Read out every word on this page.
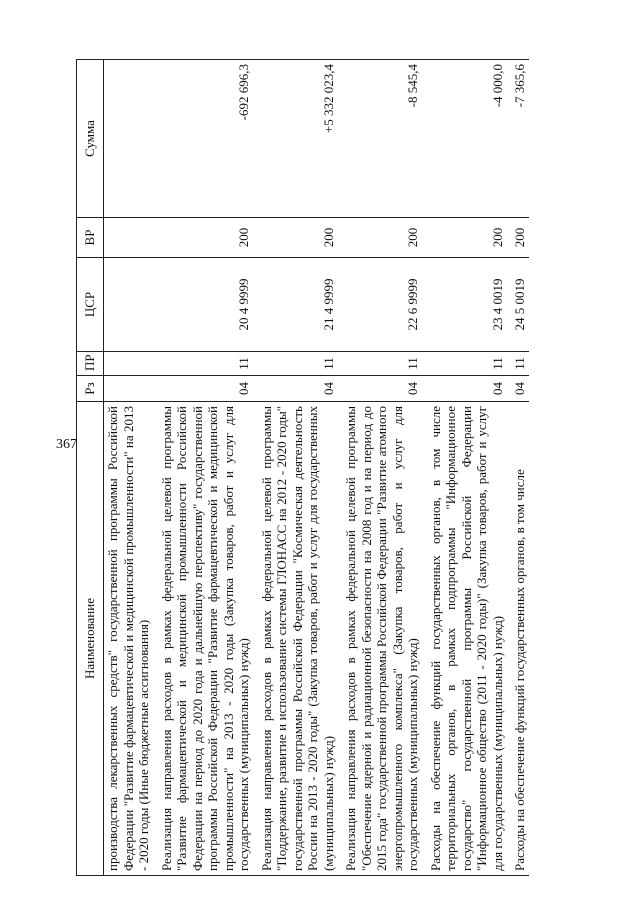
367
Наименование	Рз	ПР	ЦСР	ВР	Сумма
производства лекарственных средств" государственной программы Российской Федерации "Развитие фармацевтической и медицинской промышленности" на 2013 - 2020 годы (Иные бюджетные ассигнования)					
Реализация направления расходов в рамках федеральной целевой программы "Развитие фармацевтической и медицинской промышленности Российской Федерации на период до 2020 года и дальнейшую перспективу" государственной программы Российской Федерации "Развитие фармацевтической и медицинской промышленности" на 2013 - 2020 годы (Закупка товаров, работ и услуг для государственных (муниципальных) нужд)	04	11	20 4 9999	200	-692 696,3
Реализация направления расходов в рамках федеральной целевой программы "Поддержание, развитие и использование системы ГЛОНАСС на 2012 - 2020 годы" государственной программы Российской Федерации "Космическая деятельность России на 2013 - 2020 годы" (Закупка товаров, работ и услуг для государственных (муниципальных) нужд)	04	11	21 4 9999	200	+5 332 023,4
Реализация направления расходов в рамках федеральной целевой программы "Обеспечение ядерной и радиационной безопасности на 2008 год и на период до 2015 года" государственной программы Российской Федерации "Развитие атомного энергопромышленного комплекса" (Закупка товаров, работ и услуг для государственных (муниципальных) нужд)	04	11	22 6 9999	200	-8 545,4
Расходы на обеспечение функций государственных органов, в том числе территориальных органов, в рамках подпрограммы "Информационное государство" государственной программы Российской Федерации "Информационное общество (2011 - 2020 годы)" (Закупка товаров, работ и услуг для государственных (муниципальных) нужд)	04	11	23 4 0019	200	-4 000,0
Расходы на обеспечение функций государственных органов, в том числе	04	11	24 5 0019	200	-7 365,6
